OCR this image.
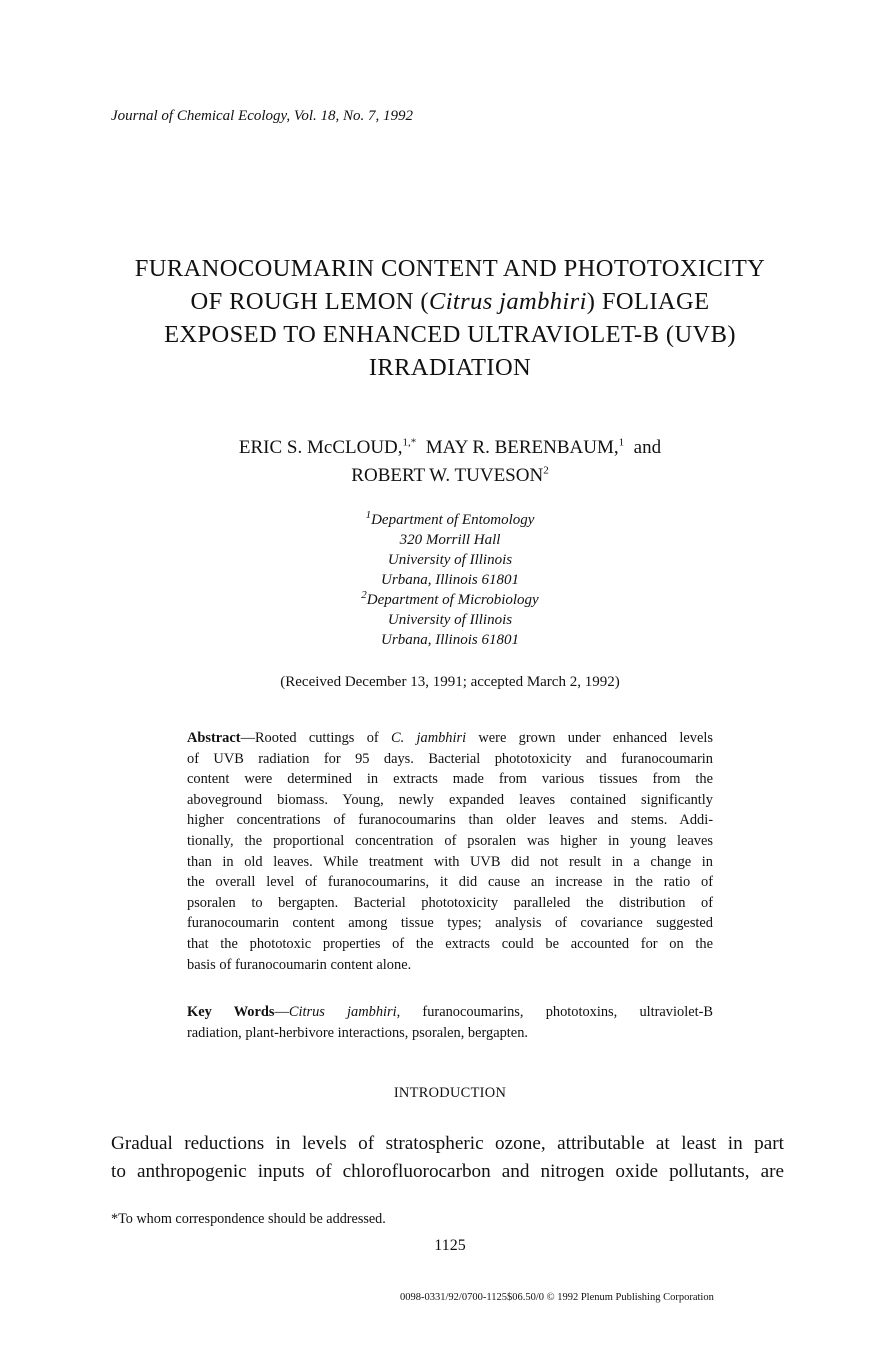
Journal of Chemical Ecology, Vol. 18, No. 7, 1992
FURANOCOUMARIN CONTENT AND PHOTOTOXICITY
OF ROUGH LEMON (Citrus jambhiri) FOLIAGE
EXPOSED TO ENHANCED ULTRAVIOLET-B (UVB)
IRRADIATION
ERIC S. McCLOUD,$^{1,*}$ MAY R. BERENBAUM,$^1$ and
ROBERT W. TUVESON$^2$
$^1$Department of Entomology
320 Morrill Hall
University of Illinois
Urbana, Illinois 61801
$^2$Department of Microbiology
University of Illinois
Urbana, Illinois 61801
(Received December 13, 1991; accepted March 2, 1992)
Abstract—Rooted cuttings of C. jambhiri were grown under enhanced levels
of UVB radiation for 95 days. Bacterial phototoxicity and furanocoumarin
content were determined in extracts made from various tissues from the
aboveground biomass. Young, newly expanded leaves contained significantly
higher concentrations of furanocoumarins than older leaves and stems. Addi-
tionally, the proportional concentration of psoralen was higher in young leaves
than in old leaves. While treatment with UVB did not result in a change in
the overall level of furanocoumarins, it did cause an increase in the ratio of
psoralen to bergapten. Bacterial phototoxicity paralleled the distribution of
furanocoumarin content among tissue types; analysis of covariance suggested
that the phototoxic properties of the extracts could be accounted for on the
basis of furanocoumarin content alone.
Key Words—Citrus jambhiri, furanocoumarins, phototoxins, ultraviolet-B
radiation, plant-herbivore interactions, psoralen, bergapten.
INTRODUCTION
Gradual reductions in levels of stratospheric ozone, attributable at least in part
to anthropogenic inputs of chlorofluorocarbon and nitrogen oxide pollutants, are
*To whom correspondence should be addressed.
1125
0098-0331/92/0700-1125$06.50/0 © 1992 Plenum Publishing Corporation
